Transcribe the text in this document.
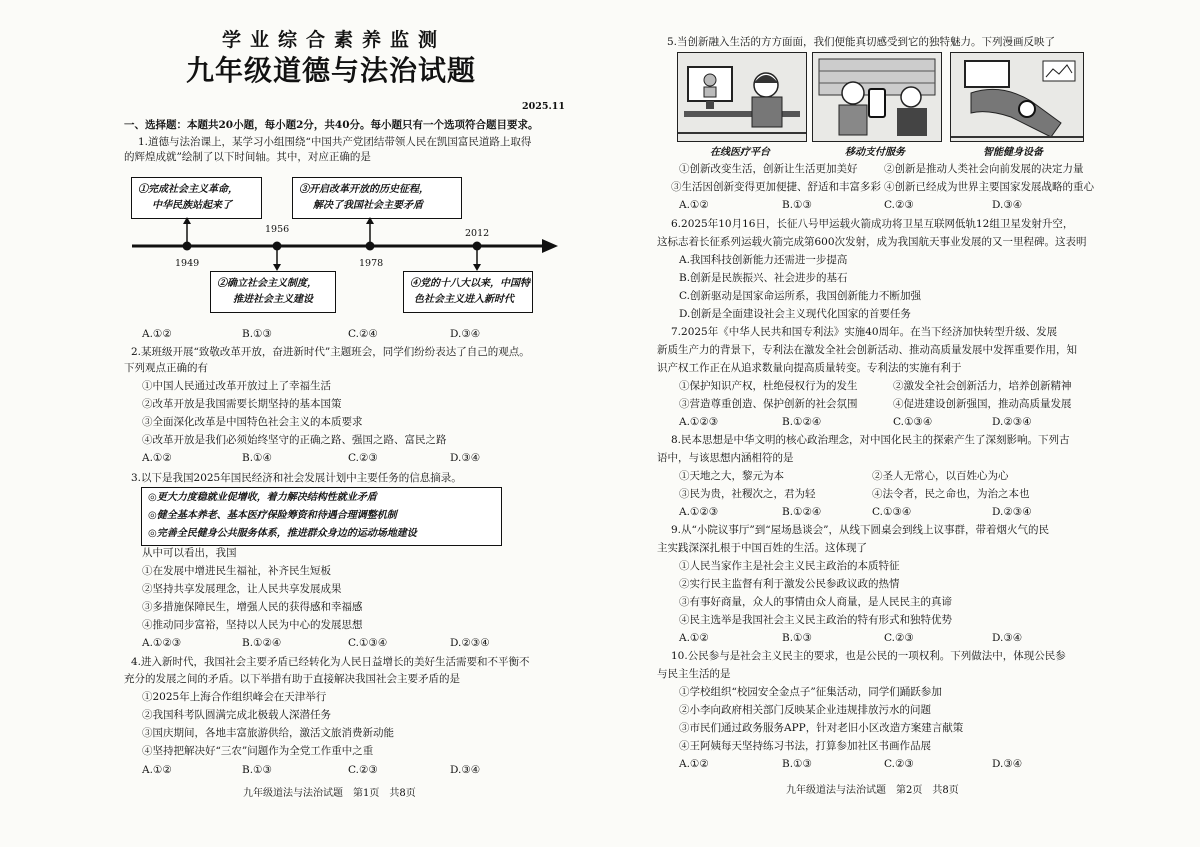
学业综合素养监测
九年级道德与法治试题
2025.11
一、选择题：本题共20小题，每小题2分，共40分。每小题只有一个选项符合题目要求。
1.道德与法治课上，某学习小组围绕“中国共产党团结带领人民在凯国富民道路上取得
的辉煌成就”绘制了以下时间轴。其中，对应正确的是
①完成社会主义革命，
中华民族站起来了
③开启改革开放的历史征程，
解决了我国社会主要矛盾
1949
1956
1978
2012
②确立社会主义制度，
推进社会主义建设
④党的十八大以来，中国特
色社会主义进入新时代
A.①②	B.①③	C.②④	D.③④
2.某班级开展“致敬改革开放，奋进新时代”主题班会，同学们纷纷表达了自己的观点。
下列观点正确的有
①中国人民通过改革开放过上了幸福生活
②改革开放是我国需要长期坚持的基本国策
③全面深化改革是中国特色社会主义的本质要求
④改革开放是我们必须始终坚守的正确之路、强国之路、富民之路
A.①②	B.①④	C.②③	D.③④
3.以下是我国2025年国民经济和社会发展计划中主要任务的信息摘录。
◎更大力度稳就业促增收，着力解决结构性就业矛盾
◎健全基本养老、基本医疗保险筹资和待遇合理调整机制
◎完善全民健身公共服务体系，推进群众身边的运动场地建设
从中可以看出，我国
①在发展中增进民生福祉，补齐民生短板
②坚持共享发展理念，让人民共享发展成果
③多措施保障民生，增强人民的获得感和幸福感
④推动同步富裕，坚持以人民为中心的发展思想
A.①②③	B.①②④	C.①③④	D.②③④
4.进入新时代，我国社会主要矛盾已经转化为人民日益增长的美好生活需要和不平衡不
充分的发展之间的矛盾。以下举措有助于直接解决我国社会主要矛盾的是
①2025年上海合作组织峰会在天津举行
②我国科考队圆满完成北极载人深潜任务
③国庆期间，各地丰富旅游供给，激活文旅消费新动能
④坚持把解决好“三农”问题作为全党工作重中之重
A.①②	B.①③	C.②③	D.③④
九年级道法与法治试题　第1页　共8页
5.当创新融入生活的方方面面，我们便能真切感受到它的独特魅力。下列漫画反映了
在线医疗平台	移动支付服务	智能健身设备
①创新改变生活，创新让生活更加美好	②创新是推动人类社会向前发展的决定力量
③生活因创新变得更加便捷、舒适和丰富多彩 ④创新已经成为世界主要国家发展战略的重心
A.①②	B.①③	C.②③	D.③④
6.2025年10月16日，长征八号甲运载火箭成功将卫星互联网低轨12组卫星发射升空，
这标志着长征系列运载火箭完成第600次发射，成为我国航天事业发展的又一里程碑。这表明
A.我国科技创新能力还需进一步提高
B.创新是民族振兴、社会进步的基石
C.创新驱动是国家命运所系，我国创新能力不断加强
D.创新是全面建设社会主义现代化国家的首要任务
7.2025年《中华人民共和国专利法》实施40周年。在当下经济加快转型升级、发展
新质生产力的背景下，专利法在激发全社会创新活动、推动高质量发展中发挥重要作用，知
识产权工作正在从追求数量向提高质量转变。专利法的实施有利于
①保护知识产权，杜绝侵权行为的发生	②激发全社会创新活力，培养创新精神
③营造尊重创造、保护创新的社会氛围	④促进建设创新强国，推动高质量发展
A.①②③	B.①②④	C.①③④	D.②③④
8.民本思想是中华文明的核心政治理念，对中国化民主的探索产生了深刻影响。下列古
语中，与该思想内涵相符的是
①天地之大，黎元为本	②圣人无常心，以百姓心为心
③民为贵，社稷次之，君为轻	④法令者，民之命也，为治之本也
A.①②③	B.①②④	C.①③④	D.②③④
9.从“小院议事厅”到“屋场恳谈会”，从线下圆桌会到线上议事群，带着烟火气的民
主实践深深扎根于中国百姓的生活。这体现了
①人民当家作主是社会主义民主政治的本质特征
②实行民主监督有利于激发公民参政议政的热情
③有事好商量，众人的事情由众人商量，是人民民主的真谛
④民主选举是我国社会主义民主政治的特有形式和独特优势
A.①②	B.①③	C.②③	D.③④
10.公民参与是社会主义民主的要求，也是公民的一项权利。下列做法中，体现公民参
与民主生活的是
①学校组织“校园安全金点子”征集活动，同学们踊跃参加
②小李向政府相关部门反映某企业违规排放污水的问题
③市民们通过政务服务APP，针对老旧小区改造方案建言献策
④王阿姨每天坚持练习书法，打算参加社区书画作品展
A.①②	B.①③	C.②③	D.③④
九年级道法与法治试题　第2页　共8页
